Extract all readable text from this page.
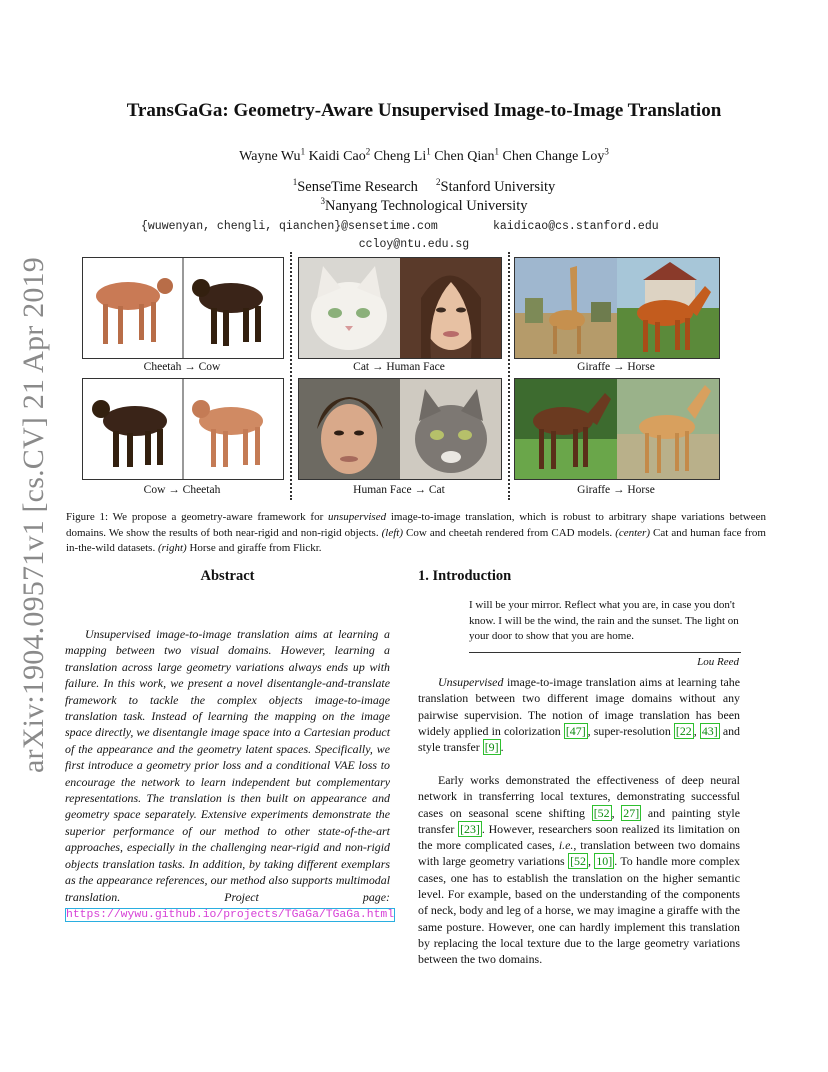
arXiv:1904.09571v1 [cs.CV] 21 Apr 2019
TransGaGa: Geometry-Aware Unsupervised Image-to-Image Translation
Wayne Wu$^1$ Kaidi Cao$^2$ Cheng Li$^1$ Chen Qian$^1$ Chen Change Loy$^3$
$^1$SenseTime Research $^2$Stanford University
$^3$Nanyang Technological University
{wuwenyan, chengli, qianchen}@sensetime.com	kaidicao@cs.stanford.edu
ccloy@ntu.edu.sg
Cheetah → Cow
Cow → Cheetah
Cat → Human Face
Human Face → Cat
Giraffe → Horse
Giraffe → Horse
Figure 1: We propose a geometry-aware framework for unsupervised image-to-image translation, which is robust to arbitrary shape variations between domains. We show the results of both near-rigid and non-rigid objects. (left) Cow and cheetah rendered from CAD models. (center) Cat and human face from in-the-wild datasets. (right) Horse and giraffe from Flickr.
Abstract
Unsupervised image-to-image translation aims at learning a mapping between two visual domains. However, learning a translation across large geometry variations always ends up with failure. In this work, we present a novel disentangle-and-translate framework to tackle the complex objects image-to-image translation task. Instead of learning the mapping on the image space directly, we disentangle image space into a Cartesian product of the appearance and the geometry latent spaces. Specifically, we first introduce a geometry prior loss and a conditional VAE loss to encourage the network to learn independent but complementary representations. The translation is then built on appearance and geometry space separately. Extensive experiments demonstrate the superior performance of our method to other state-of-the-art approaches, especially in the challenging near-rigid and non-rigid objects translation tasks. In addition, by taking different exemplars as the appearance references, our method also supports multimodal translation. Project page: https://wywu.github.io/projects/TGaGa/TGaGa.html
1. Introduction
I will be your mirror. Reflect what you are, in case you don't know. I will be the wind, the rain and the sunset. The light on your door to show that you are home.
Lou Reed

Unsupervised image-to-image translation aims at learning tahe translation between two different image domains without any pairwise supervision. The notion of image translation has been widely applied in colorization [47] , super-resolution [22 , 43] and style transfer [9] .

Early works demonstrated the effectiveness of deep neural network in transferring local textures, demonstrating successful cases on seasonal scene shifting [52 , 27] and painting style transfer [23] . However, researchers soon realized its limitation on the more complicated cases, i.e., translation between two domains with large geometry variations [52 , 10] . To handle more complex cases, one has to establish the translation on the higher semantic level. For example, based on the understanding of the components of neck, body and leg of a horse, we may imagine a giraffe with the same posture. However, one can hardly implement this translation by replacing the local texture due to the large geometry variations between the two domains.
